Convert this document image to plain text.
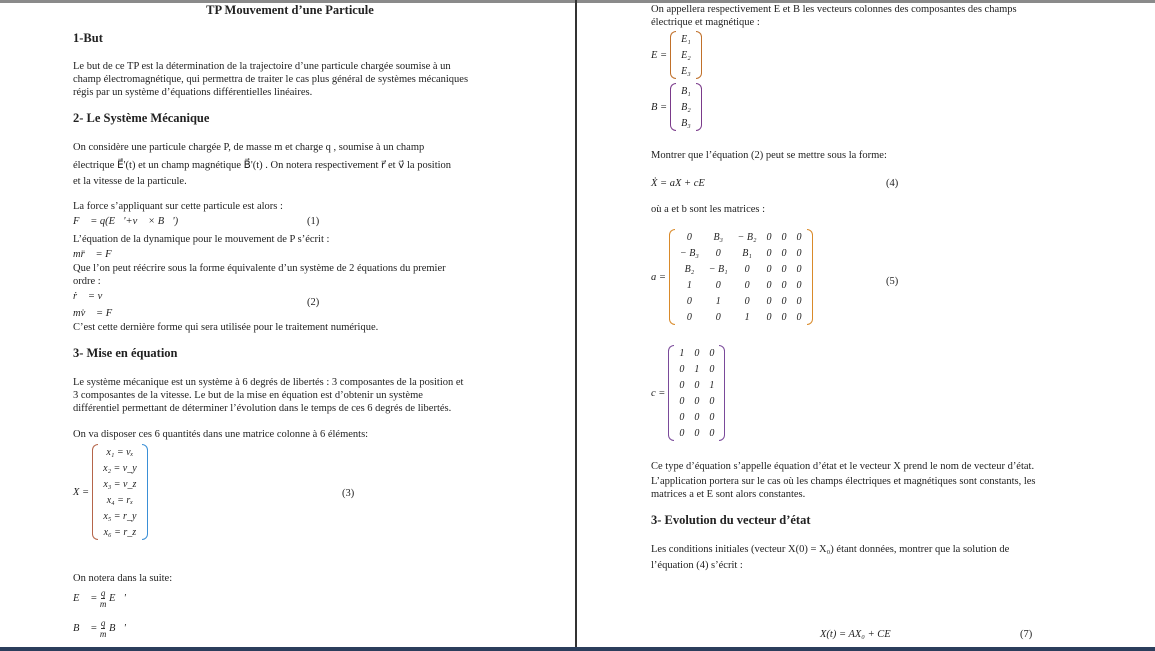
TP Mouvement d’une Particule
1-But
Le but de ce TP est la détermination de la trajectoire d’une particule chargée soumise à un
champ électromagnétique, qui permettra de traiter le cas plus général de systèmes mécaniques
régis par un système d’équations différentielles linéaires.
2- Le Système Mécanique
On considère une particule chargée P, de masse m et charge q , soumise à un champ
électrique E⃗'(t) et un champ magnétique B⃗'(t) . On notera respectivement r⃗ et v⃗ la position
et la vitesse de la particule.
La force s’appliquant sur cette particule est alors :
F⃗ = q(E⃗'+v⃗ × B⃗')	(1)
L’équation de la dynamique pour le mouvement de P s’écrit :
mr̈⃗ = F⃗
Que l’on peut réécrire sous la forme équivalente d’un système de 2 équations du premier
ordre :
ṙ⃗ = v⃗
(2)
mv̇⃗ = F⃗
C’est cette dernière forme qui sera utilisée pour le traitement numérique.
3- Mise en équation
Le système mécanique est un système à 6 degrés de libertés : 3 composantes de la position et
3 composantes de la vitesse. Le but de la mise en équation est d’obtenir un système
différentiel permettant de déterminer l’évolution dans le temps de ces 6 degrés de libertés.
On va disposer ces 6 quantités dans une matrice colonne à 6 éléments:
X =
x₁ = vₓ
x₂ = v_y
x₃ = v_z
x₄ = rₓ
x₅ = r_y
x₆ = r_z
(3)
On notera dans la suite:
E⃗ = $\frac{q}{m}$ E⃗'
B⃗ = $\frac{q}{m}$ B⃗'
On appellera respectivement E et B les vecteurs colonnes des composantes des champs
électrique et magnétique :
E =
E₁
E₂
E₃
B =
B₁
B₂
B₃
Montrer que l’équation (2) peut se mettre sous la forme:
Ẋ = aX + cE	(4)
où a et b sont les matrices :
a =
0	B₃	− B₂	0	0	0
− B₃	0	B₁	0	0	0
B₂	− B₁	0	0	0	0
1	0	0	0	0	0
0	1	0	0	0	0
0	0	1	0	0	0
(5)
c =
1	0	0
0	1	0
0	0	1
0	0	0
0	0	0
0	0	0
Ce type d’équation s’appelle équation d’état et le vecteur X prend le nom de vecteur d’état.
L’application portera sur le cas où les champs électriques et magnétiques sont constants, les
matrices a et E sont alors constantes.
3- Evolution du vecteur d’état
Les conditions initiales (vecteur X(0) = X₀) étant données, montrer que la solution de
l’équation (4) s’écrit :
X(t) = AX₀ + CE	(7)
